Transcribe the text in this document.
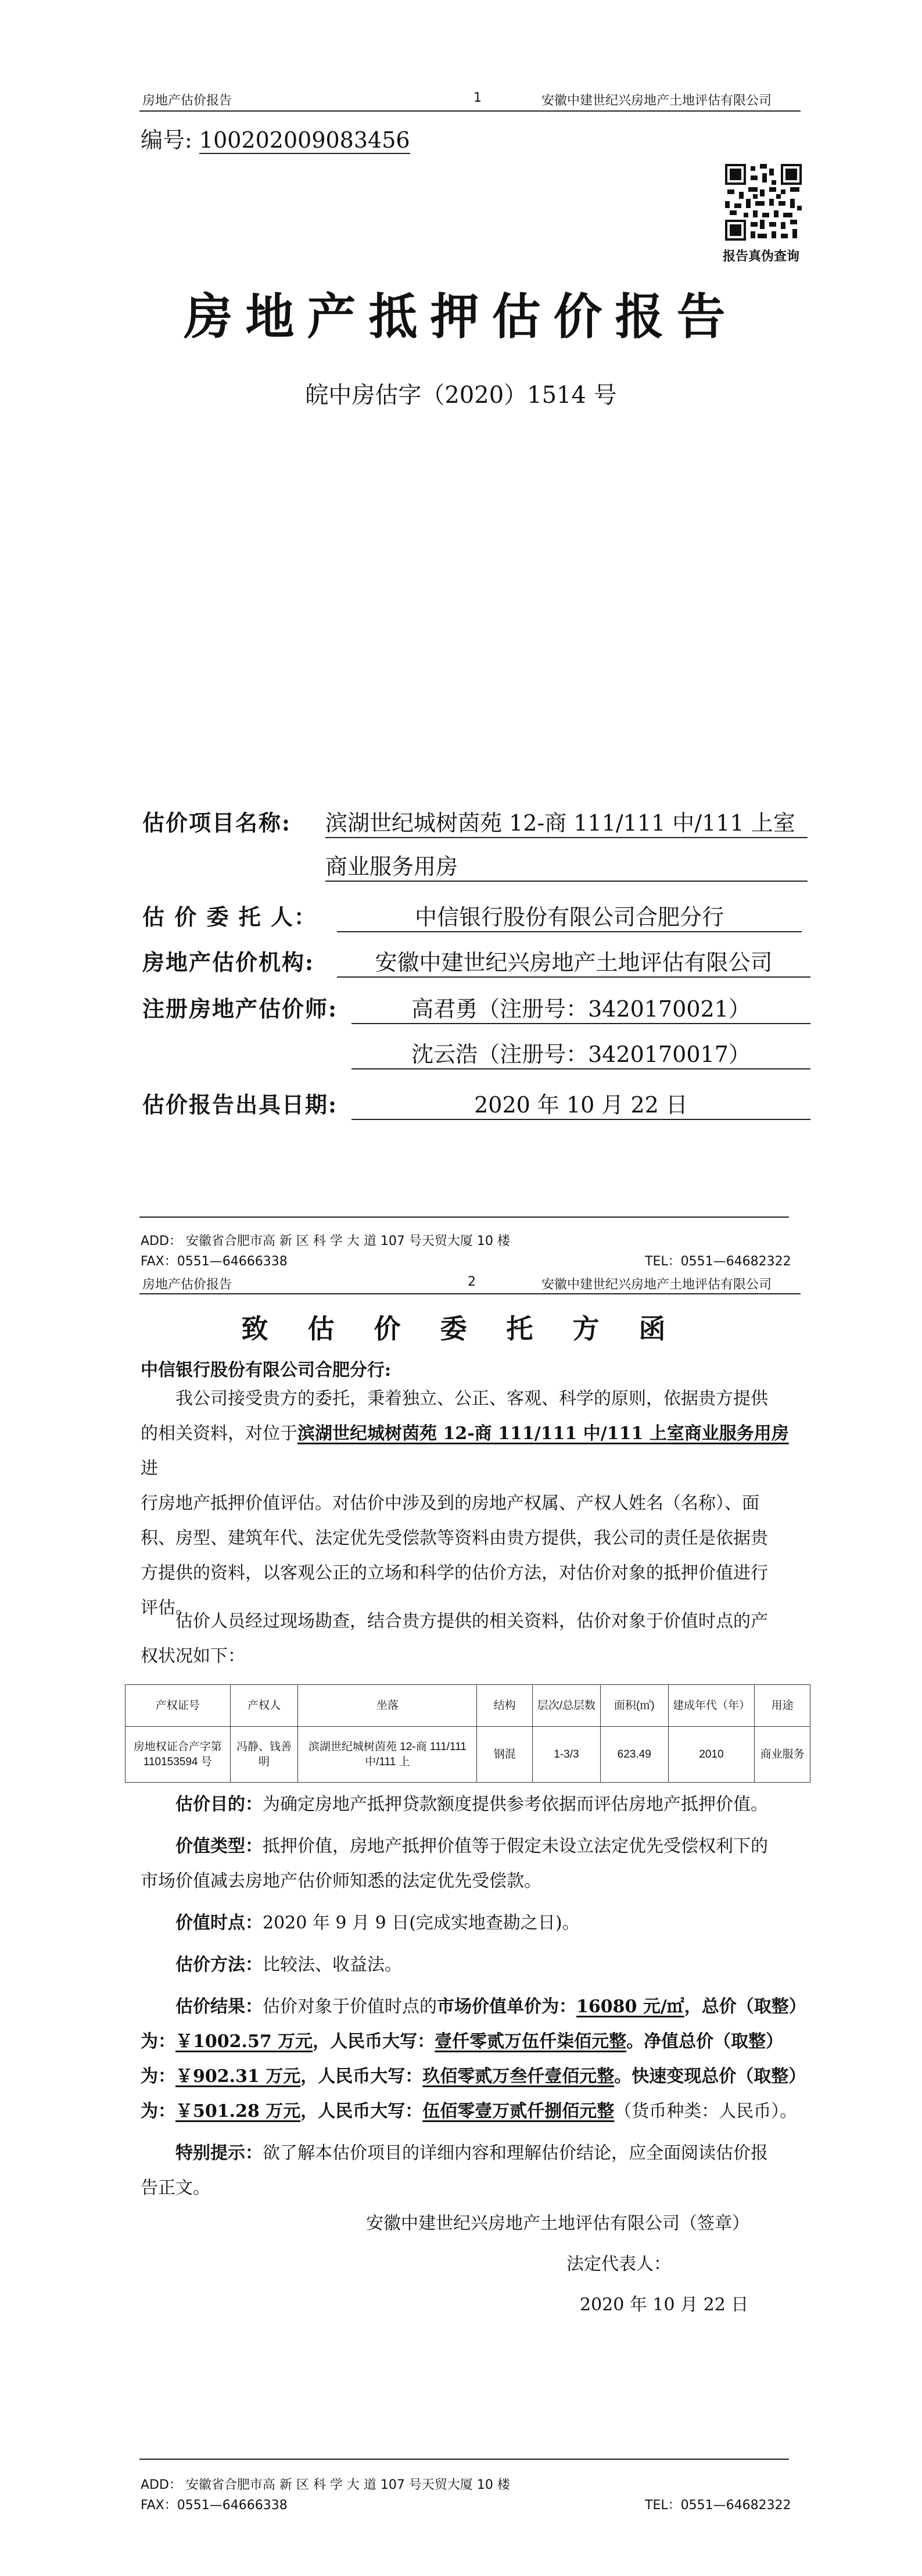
房地产估价报告	1	安徽中建世纪兴房地产土地评估有限公司
编号: 100202009083456
报告真伪查询
房地产抵押估价报告
皖中房估字（2020）1514 号
估价项目名称: 滨湖世纪城树茵苑 12-商 111/111 中/111 上室
商业服务用房
估 价 委 托 人：	中信银行股份有限公司合肥分行
房地产估价机构:	安徽中建世纪兴房地产土地评估有限公司
注册房地产估价师:	高君勇（注册号：3420170021）
沈云浩（注册号：3420170017）
估价报告出具日期:	2020 年 10 月 22 日
ADD： 安徽省合肥市高 新 区 科 学 大 道 107 号天贸大厦 10 楼
FAX：0551—64666338	TEL：0551—64682322
房地产估价报告	2	安徽中建世纪兴房地产土地评估有限公司
致 估 价 委 托 方 函
中信银行股份有限公司合肥分行:
我公司接受贵方的委托，秉着独立、公正、客观、科学的原则，依据贵方提供
的相关资料，对位于滨湖世纪城树茵苑 12-商 111/111 中/111 上室商业服务用房进
行房地产抵押价值评估。对估价中涉及到的房地产权属、产权人姓名（名称）、面
积、房型、建筑年代、法定优先受偿款等资料由贵方提供，我公司的责任是依据贵
方提供的资料，以客观公正的立场和科学的估价方法，对估价对象的抵押价值进行
评估。
估价人员经过现场勘查，结合贵方提供的相关资料，估价对象于价值时点的产
权状况如下：
产权证号	产权人	坐落	结构	层次/总层数	面积(㎡)	建成年代（年）	用途
房地权证合产字第 110153594 号	冯静、钱善明	滨湖世纪城树茵苑 12-商 111/111 中/111 上	钢混	1-3/3	623.49	2010	商业服务
估价目的：为确定房地产抵押贷款额度提供参考依据而评估房地产抵押价值。
价值类型：抵押价值，房地产抵押价值等于假定未设立法定优先受偿权利下的
市场价值减去房地产估价师知悉的法定优先受偿款。
价值时点：2020 年 9 月 9 日(完成实地查勘之日)。
估价方法：比较法、收益法。
估价结果：估价对象于价值时点的市场价值单价为：16080 元/㎡，总价（取整）
为：￥1002.57 万元，人民币大写：壹仟零贰万伍仟柒佰元整。净值总价（取整）
为：￥902.31 万元，人民币大写：玖佰零贰万叁仟壹佰元整。快速变现总价（取整）
为：￥501.28 万元，人民币大写：伍佰零壹万贰仟捌佰元整（货币种类：人民币）。
特别提示：欲了解本估价项目的详细内容和理解估价结论，应全面阅读估价报
告正文。
安徽中建世纪兴房地产土地评估有限公司（签章）
法定代表人：
2020 年 10 月 22 日
ADD： 安徽省合肥市高 新 区 科 学 大 道 107 号天贸大厦 10 楼
FAX：0551—64666338	TEL：0551—64682322
